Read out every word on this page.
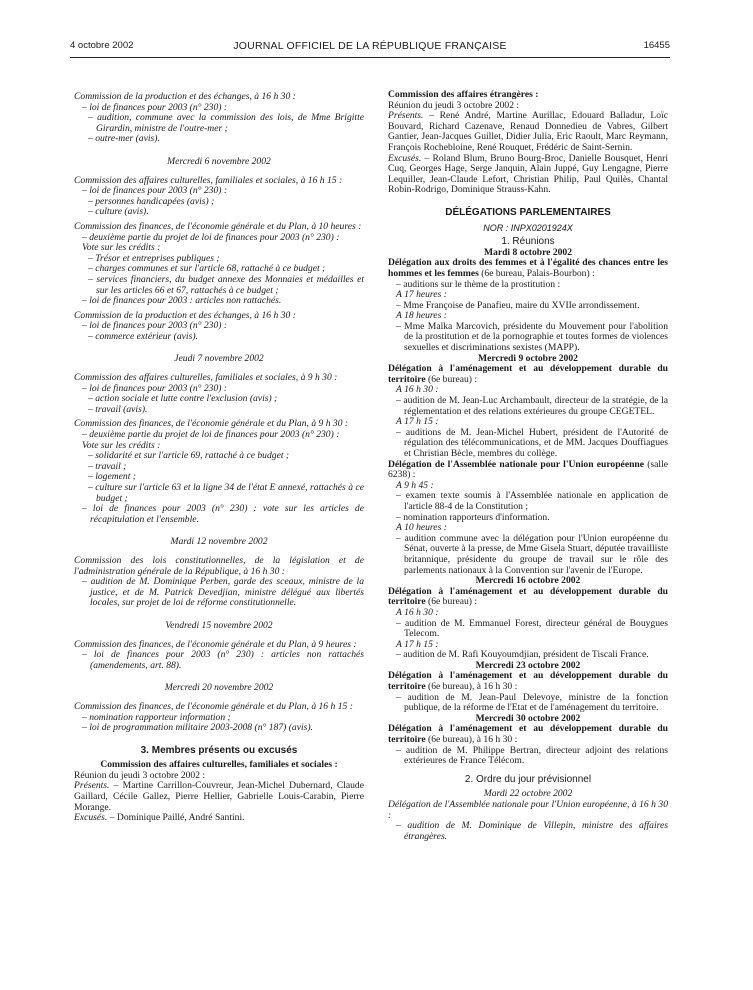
4 octobre 2002	JOURNAL OFFICIEL DE LA RÉPUBLIQUE FRANÇAISE	16455

Commission de la production et des échanges, à 16 h 30 :

– loi de finances pour 2003 (n° 230) :

– audition, commune avec la commission des lois, de Mme Brigitte Girardin, ministre de l'outre-mer ;

– outre-mer (avis).

Mercredi 6 novembre 2002

Commission des affaires culturelles, familiales et sociales, à 16 h 15 :

– loi de finances pour 2003 (n° 230) :

– personnes handicapées (avis) ;

– culture (avis).

Commission des finances, de l'économie générale et du Plan, à 10 heures :

– deuxième partie du projet de loi de finances pour 2003 (n° 230) :

Vote sur les crédits :

– Trésor et entreprises publiques ;

– charges communes et sur l'article 68, rattaché à ce budget ;

– services financiers, du budget annexe des Monnaies et médailles et sur les articles 66 et 67, rattachés à ce budget ;

– loi de finances pour 2003 : articles non rattachés.

Commission de la production et des échanges, à 16 h 30 :

– loi de finances pour 2003 (n° 230) :

– commerce extérieur (avis).

Jeudi 7 novembre 2002

Commission des affaires culturelles, familiales et sociales, à 9 h 30 :

– loi de finances pour 2003 (n° 230) :

– action sociale et lutte contre l'exclusion (avis) ;

– travail (avis).

Commission des finances, de l'économie générale et du Plan, à 9 h 30 :

– deuxième partie du projet de loi de finances pour 2003 (n° 230) :

Vote sur les crédits :

– solidarité et sur l'article 69, rattaché à ce budget ;

– travail ;

– logement ;

– culture sur l'article 63 et la ligne 34 de l'état E annexé, rattachés à ce budget ;

– loi de finances pour 2003 (n° 230) : vote sur les articles de récapitulation et l'ensemble.

Mardi 12 novembre 2002

Commission des lois constitutionnelles, de la législation et de l'administration générale de la République, à 16 h 30 :

– audition de M. Dominique Perben, garde des sceaux, ministre de la justice, et de M. Patrick Devedjian, ministre délégué aux libertés locales, sur projet de loi de réforme constitutionnelle.

Vendredi 15 novembre 2002

Commission des finances, de l'économie générale et du Plan, à 9 heures :

– loi de finances pour 2003 (n° 230) : articles non rattachés (amendements, art. 88).

Mercredi 20 novembre 2002

Commission des finances, de l'économie générale et du Plan, à 16 h 15 :

– nomination rapporteur information ;

– loi de programmation militaire 2003-2008 (n° 187) (avis).

3. Membres présents ou excusés

Commission des affaires culturelles, familiales et sociales :

Réunion du jeudi 3 octobre 2002 :

Présents. – Martine Carrillon-Couvreur, Jean-Michel Dubernard, Claude Gaillard, Cécile Gallez, Pierre Hellier, Gabrielle Louis-Carabin, Pierre Morange.

Excusés. – Dominique Paillé, André Santini.

Commission des affaires étrangères :

Réunion du jeudi 3 octobre 2002 :

Présents. – René André, Martine Aurillac, Edouard Balladur, Loïc Bouvard, Richard Cazenave, Renaud Donnedieu de Vabres, Gilbert Gantier, Jean-Jacques Guillet, Didier Julia, Eric Raoult, Marc Reymann, François Rochebloine, René Rouquet, Frédéric de Saint-Sernin.

Excusés. – Roland Blum, Bruno Bourg-Broc, Danielle Bousquet, Henri Cuq, Georges Hage, Serge Janquin, Alain Juppé, Guy Lengagne, Pierre Lequiller, Jean-Claude Lefort, Christian Philip, Paul Quilès, Chantal Robin-Rodrigo, Dominique Strauss-Kahn.

DÉLÉGATIONS PARLEMENTAIRES

NOR : INPX0201924X

1. Réunions

Mardi 8 octobre 2002

Délégation aux droits des femmes et à l'égalité des chances entre les hommes et les femmes (6e bureau, Palais-Bourbon) :

– auditions sur le thème de la prostitution :

A 17 heures :

– Mme Françoise de Panafieu, maire du XVIIe arrondissement.

A 18 heures :

– Mme Malka Marcovich, présidente du Mouvement pour l'abolition de la prostitution et de la pornographie et toutes formes de violences sexuelles et discriminations sexistes (MAPP).

Mercredi 9 octobre 2002

Délégation à l'aménagement et au développement durable du territoire (6e bureau) :

A 16 h 30 :

– audition de M. Jean-Luc Archambault, directeur de la stratégie, de la réglementation et des relations extérieures du groupe CEGETEL.

A 17 h 15 :

– auditions de M. Jean-Michel Hubert, président de l'Autorité de régulation des télécommunications, et de MM. Jacques Douffiagues et Christian Bècle, membres du collège.

Délégation de l'Assemblée nationale pour l'Union européenne (salle 6238) :

A 9 h 45 :

– examen texte soumis à l'Assemblée nationale en application de l'article 88-4 de la Constitution ;

– nomination rapporteurs d'information.

A 10 heures :

– audition commune avec la délégation pour l'Union européenne du Sénat, ouverte à la presse, de Mme Gisela Stuart, députée travailliste britannique, présidente du groupe de travail sur le rôle des parlements nationaux à la Convention sur l'avenir de l'Europe.

Mercredi 16 octobre 2002

Délégation à l'aménagement et au développement durable du territoire (6e bureau) :

A 16 h 30 :

– audition de M. Emmanuel Forest, directeur général de Bouygues Telecom.

A 17 h 15 :

– audition de M. Rafi Kouyoumdjian, président de Tiscali France.

Mercredi 23 octobre 2002

Délégation à l'aménagement et au développement durable du territoire (6e bureau), à 16 h 30 :

– audition de M. Jean-Paul Delevoye, ministre de la fonction publique, de la réforme de l'Etat et de l'aménagement du territoire.

Mercredi 30 octobre 2002

Délégation à l'aménagement et au développement durable du territoire (6e bureau), à 16 h 30 :

– audition de M. Philippe Bertran, directeur adjoint des relations extérieures de France Télécom.

2. Ordre du jour prévisionnel

Mardi 22 octobre 2002

Délégation de l'Assemblée nationale pour l'Union européenne, à 16 h 30 :

– audition de M. Dominique de Villepin, ministre des affaires étrangères.
